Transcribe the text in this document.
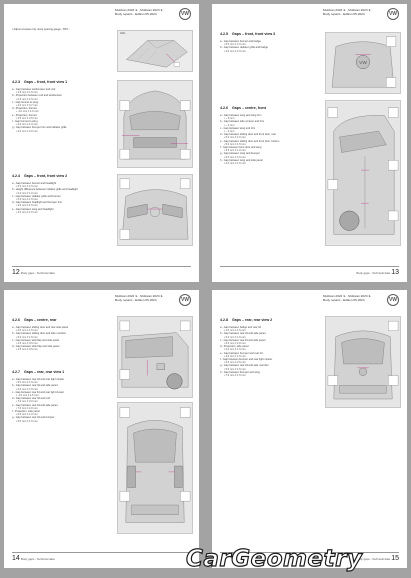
Multivan 2022 ➤ , Multivan 2023 ➤
Body repairs - Edition 05.2024	VW
• Adjust at areas only using spacing gauge - BST -.
3011
4.2.3 Gaps – front, front view 1
a - Gap between windscreen and roof
• 2.5 mm ± 1.5 mm
b - Projection between roof and windscreen
• 0.0 mm ± 1.5 mm
c - Gap bonnet to wing
• 4.0 mm ± 0.7 mm
d - Projection, bonnet
• -1.0 mm ± 1.0 mm
e - Projection, bonnet
• 2.5 mm ± 2.5 mm
f - Gap bonnet to wing
• 4.0 mm ± 1.0 mm
g - Gap between bumper trim and radiator grille
• 4.0 mm ± 2.0 mm
4.2.4 Gaps – front, front view 2
a - Gap between bonnet and headlight
• 6.0 mm ± 1.5 mm
b - Height difference between radiator grille and headlight
• 0.0 mm ± 1.0 mm
c - Gap between radiator grille and bonnet
• 5.0 mm ± 1.5 mm
d - Gap between headlight and bumper trim
• 3.0 mm ± 1.5 mm
e - Gap between wing and headlight
• 2.0 mm ± 1.5 mm
12 Body gaps - Technical data
Multivan 2022 ➤ , Multivan 2023 ➤
Body repairs - Edition 05.2024	VW
4.2.5 Gaps – front, front view 3
a - Gap between bonnet and badge
• 5.0 mm ± 1.5 mm
b - Gap between radiator grille and badge
• 3.0 mm ± 1.5 mm
VW
4.2.6 Gaps – centre, front
a - Gap between wing and wing trim
• ~ 6 mm
b - Gap between side contour and trim
• ~ 2 mm
c - Gap between wing and trim
• ~ 2 mm
d - Gap between sliding door and front door, rear
• 5.0 mm ± 1.5 mm
e - Gap between sliding door and front door, bottom
• 5.0 mm ± 1.5 mm
f - Gap between front door and wing
• 3.5 mm ± 1.0 mm
g - Gap between wing and bumper
• 6.0 mm ± 1.5 mm
h - Gap between wing and side panel
• 6.0 mm ± 1.5 mm
13
Body gaps - Technical data
Multivan 2022 ➤ , Multivan 2023 ➤
Body repairs - Edition 05.2024	VW
4.2.6 Gaps – centre, rear
a - Gap between sliding door and rear side panel
• 6.0 mm ± 1.5 mm
b - Gap between sliding door and side member
• 6.0 mm ± 1.5 mm
c - Gap between tank flap and side panel
• 2.5 mm ± 0.5 mm
d - Gap between tank flap and side panel
• 2.5 mm ± 0.5 mm
4.2.7 Gaps – rear, rear view 1
a - Gap between rear lid and rear light cluster
• 5.0 mm ± 1.5 mm
b - Gap between rear lid and side panel
• 6.0 mm ± 1.5 mm
c - Gap between rear lid and rear light cluster
• -1.5 mm ± 1.5 mm
d - Gap between rear lid and roof
• 7.0 mm ± 2.0 mm
e - Gap between rear lid and side panel
• 7.0 mm ± 2.0 mm
f - Projection, side panel
• 0.0 mm ± 1.0 mm
g - Gap between rear lid and bumper
• 5.0 mm ± 1.5 mm
14 Body gaps - Technical data
Multivan 2022 ➤ , Multivan 2023 ➤
Body repairs - Edition 05.2024	VW
4.2.8 Gaps – rear, rear view 2
a - Gap between badge and rear lid
• 2.0 mm ± 1.5 mm
b - Gap between rear lid and side panel
• 6.0 mm ± 1.5 mm
c - Gap between rear lid and side panel
• 6.0 mm ± 2.0 mm
d - Projection, side panel
• 0.0 mm ± 1.5 mm
e - Gap between bumper and rear lid
• 3.0 mm ± 1.5 mm
f - Gap between bumper and rear light cluster
• 6.0 mm ± 2.0 mm
g - Gap between rear lid and side member
• 5.0 mm ± 1.5 mm
h - Gap between bumper and wing
• 7.0 mm ± 1.5 mm
15
Body gaps - Technical data
CarGeometry
